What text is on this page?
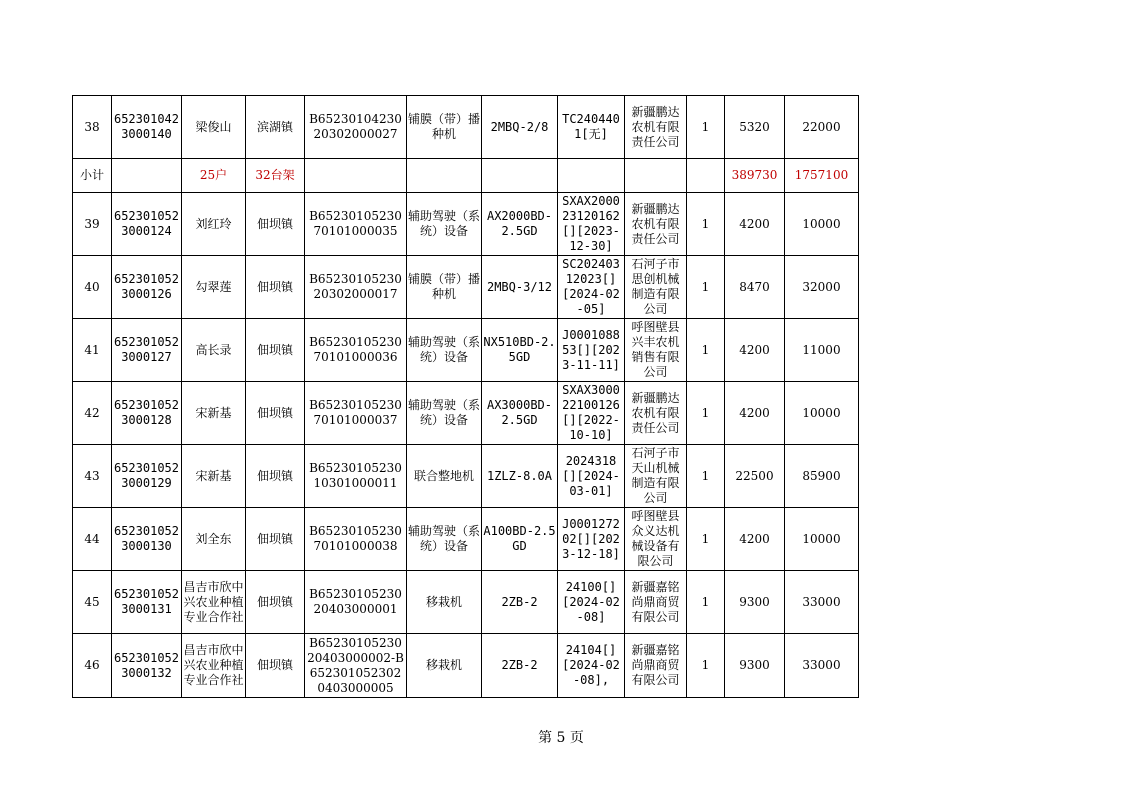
38	6523010423000140	梁俊山	滨湖镇	B6523010423020302000027	铺膜（带）播种机	2MBQ-2/8	TC2404401[无]	新疆鹏达农机有限责任公司	1	5320	22000
小计		25户	32台架							389730	1757100
39	6523010523000124	刘红玲	佃坝镇	B6523010523070101000035	辅助驾驶（系统）设备	AX2000BD-2.5GD	SXAX200023120162[][2023-12-30]	新疆鹏达农机有限责任公司	1	4200	10000
40	6523010523000126	勾翠莲	佃坝镇	B6523010523020302000017	铺膜（带）播种机	2MBQ-3/12	SC20240312023[][2024-02-05]	石河子市思创机械制造有限公司	1	8470	32000
41	6523010523000127	高长录	佃坝镇	B6523010523070101000036	辅助驾驶（系统）设备	NX510BD-2.5GD	J000108853[][2023-11-11]	呼图壁县兴丰农机销售有限公司	1	4200	11000
42	6523010523000128	宋新基	佃坝镇	B6523010523070101000037	辅助驾驶（系统）设备	AX3000BD-2.5GD	SXAX300022100126[][2022-10-10]	新疆鹏达农机有限责任公司	1	4200	10000
43	6523010523000129	宋新基	佃坝镇	B6523010523010301000011	联合整地机	1ZLZ-8.0A	2024318[][2024-03-01]	石河子市天山机械制造有限公司	1	22500	85900
44	6523010523000130	刘全东	佃坝镇	B6523010523070101000038	辅助驾驶（系统）设备	A100BD-2.5GD	J000127202[][2023-12-18]	呼图壁县众义达机械设备有限公司	1	4200	10000
45	6523010523000131	昌吉市欣中兴农业种植专业合作社	佃坝镇	B6523010523020403000001	移栽机	2ZB-2	24100[][2024-02-08]	新疆嘉铭尚鼎商贸有限公司	1	9300	33000
46	6523010523000132	昌吉市欣中兴农业种植专业合作社	佃坝镇	B6523010523020403000002-B6523010523020403000005	移栽机	2ZB-2	24104[][2024-02-08],	新疆嘉铭尚鼎商贸有限公司	1	9300	33000
第 5 页
